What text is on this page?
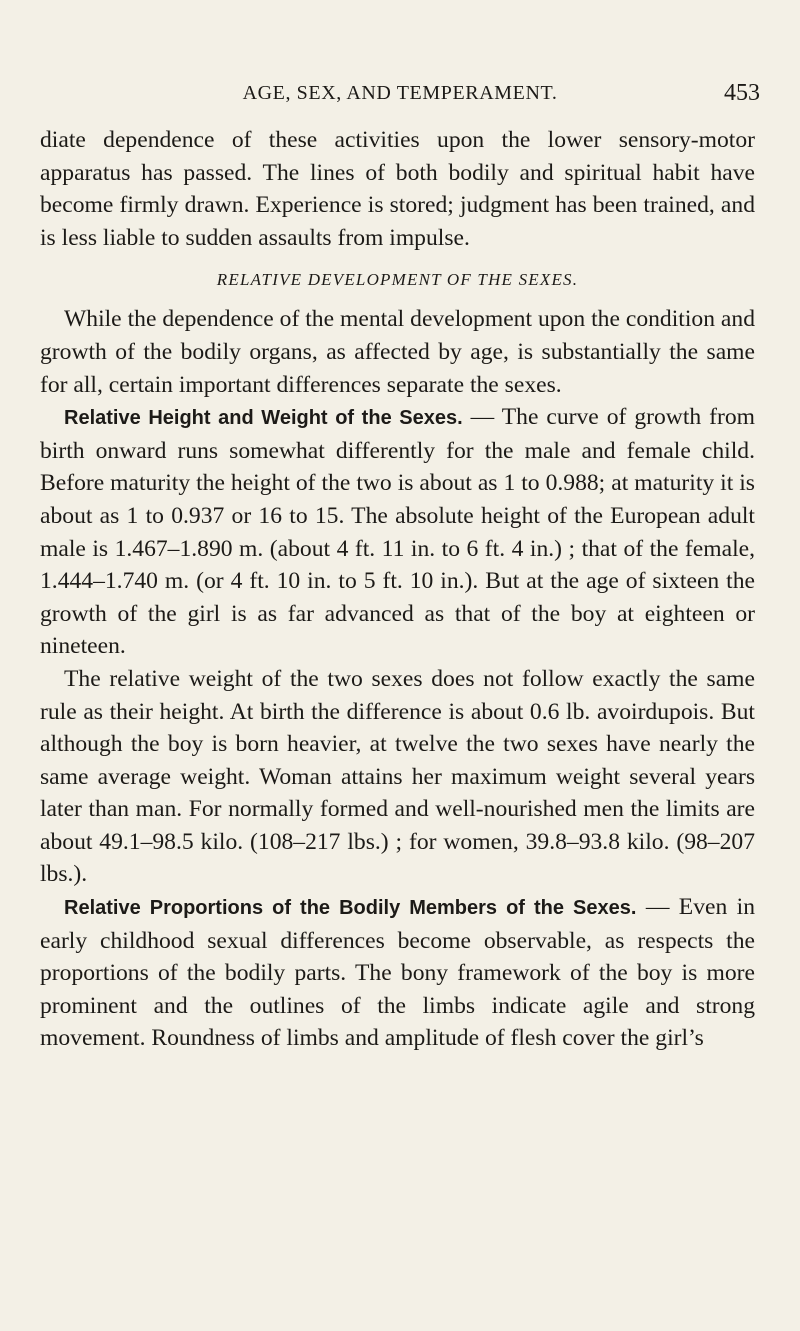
AGE, SEX, AND TEMPERAMENT.	453

diate dependence of these activities upon the lower sensory-motor apparatus has passed. The lines of both bodily and spiritual habit have become firmly drawn. Experience is stored; judgment has been trained, and is less liable to sudden assaults from impulse.

RELATIVE DEVELOPMENT OF THE SEXES.

While the dependence of the mental development upon the condition and growth of the bodily organs, as affected by age, is substantially the same for all, certain important differences separate the sexes.

Relative Height and Weight of the Sexes. — The curve of growth from birth onward runs somewhat differently for the male and female child. Before maturity the height of the two is about as 1 to 0.988; at maturity it is about as 1 to 0.937 or 16 to 15. The absolute height of the European adult male is 1.467–1.890 m. (about 4 ft. 11 in. to 6 ft. 4 in.) ; that of the female, 1.444–1.740 m. (or 4 ft. 10 in. to 5 ft. 10 in.). But at the age of sixteen the growth of the girl is as far advanced as that of the boy at eighteen or nineteen.

The relative weight of the two sexes does not follow exactly the same rule as their height. At birth the difference is about 0.6 lb. avoirdupois. But although the boy is born heavier, at twelve the two sexes have nearly the same average weight. Woman attains her maximum weight several years later than man. For normally formed and well-nourished men the limits are about 49.1–98.5 kilo. (108–217 lbs.) ; for women, 39.8–93.8 kilo. (98–207 lbs.).

Relative Proportions of the Bodily Members of the Sexes. — Even in early childhood sexual differences become observable, as respects the proportions of the bodily parts. The bony framework of the boy is more prominent and the outlines of the limbs indicate agile and strong movement. Roundness of limbs and amplitude of flesh cover the girl’s
